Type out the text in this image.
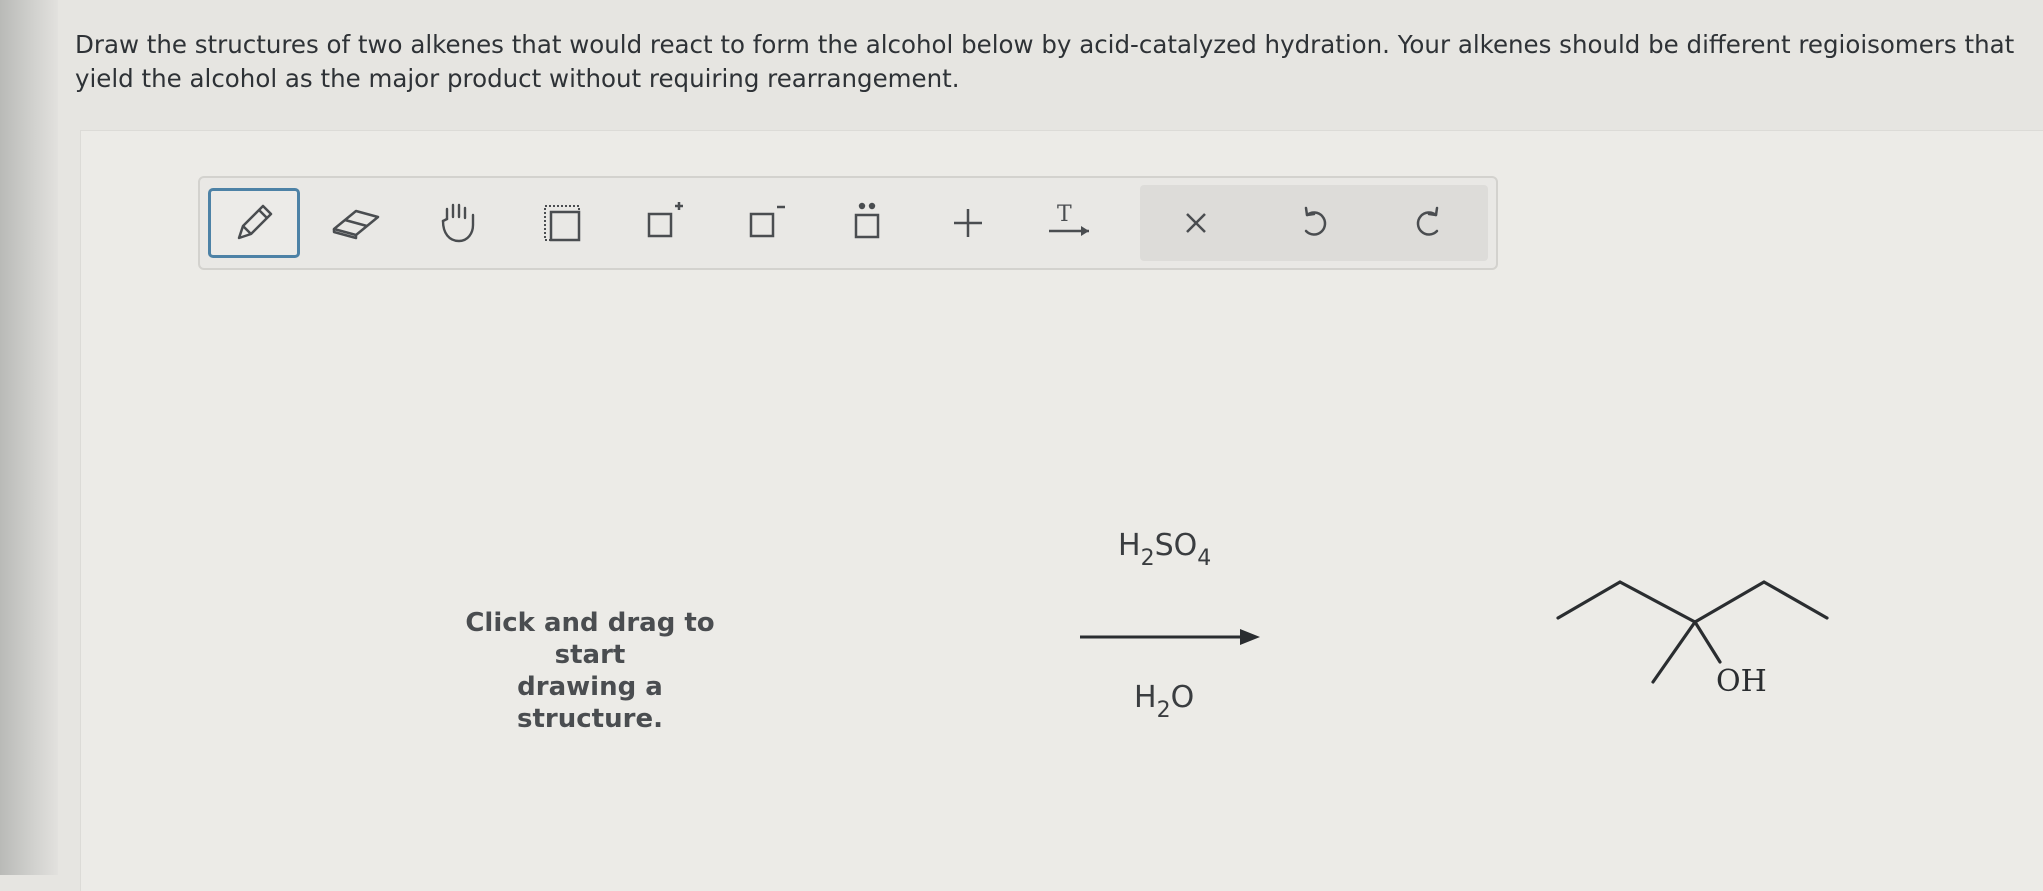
Draw the structures of two alkenes that would react to form the alcohol below by acid-catalyzed hydration. Your alkenes should be different regioisomers that
yield the alcohol as the major product without requiring rearrangement.
T
Click and drag to start
drawing a structure.
$H_2SO_4$
$H_2O$	OH
